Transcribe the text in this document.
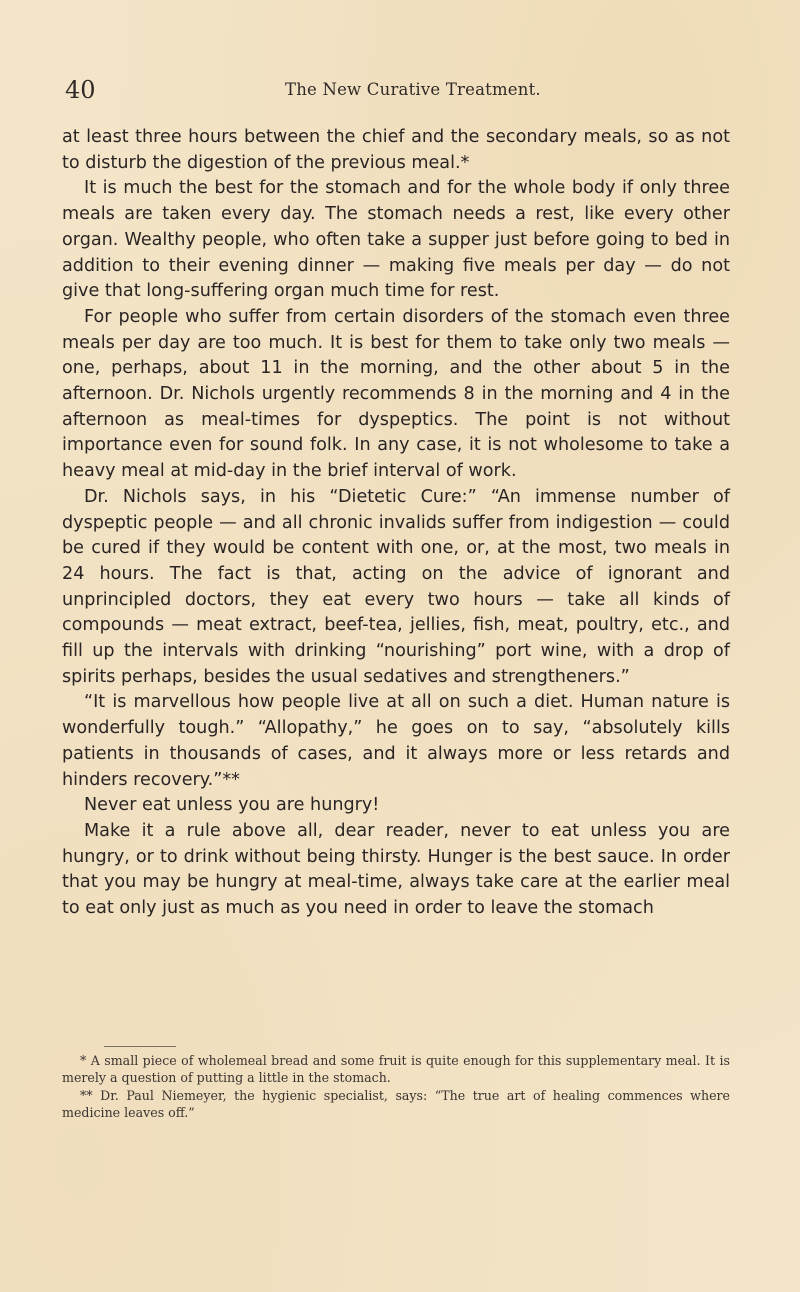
40	The New Curative Treatment.

at least three hours between the chief and the secondary meals, so as not to disturb the digestion of the previous meal.*

It is much the best for the stomach and for the whole body if only three meals are taken every day. The stomach needs a rest, like every other organ. Wealthy people, who often take a supper just before going to bed in addition to their evening dinner — making five meals per day — do not give that long-suffering organ much time for rest.

For people who suffer from certain disorders of the stomach even three meals per day are too much. It is best for them to take only two meals — one, perhaps, about 11 in the morning, and the other about 5 in the afternoon. Dr. Nichols urgently recommends 8 in the morning and 4 in the afternoon as meal-times for dyspeptics. The point is not without importance even for sound folk. In any case, it is not wholesome to take a heavy meal at mid-day in the brief interval of work.

Dr. Nichols says, in his “Dietetic Cure:” “An immense number of dyspeptic people — and all chronic invalids suffer from indigestion — could be cured if they would be content with one, or, at the most, two meals in 24 hours. The fact is that, acting on the advice of ignorant and unprincipled doctors, they eat every two hours — take all kinds of compounds — meat extract, beef-tea, jellies, fish, meat, poultry, etc., and fill up the intervals with drinking “nourishing” port wine, with a drop of spirits perhaps, besides the usual sedatives and strengtheners.”

“It is marvellous how people live at all on such a diet. Human nature is wonderfully tough.” “Allopathy,” he goes on to say, “absolutely kills patients in thousands of cases, and it always more or less retards and hinders recovery.”**

Never eat unless you are hungry!

Make it a rule above all, dear reader, never to eat unless you are hungry, or to drink without being thirsty. Hunger is the best sauce. In order that you may be hungry at meal-time, always take care at the earlier meal to eat only just as much as you need in order to leave the stomach

* A small piece of wholemeal bread and some fruit is quite enough for this supplementary meal. It is merely a question of putting a little in the stomach.

** Dr. Paul Niemeyer, the hygienic specialist, says: “The true art of healing commences where medicine leaves off.”
